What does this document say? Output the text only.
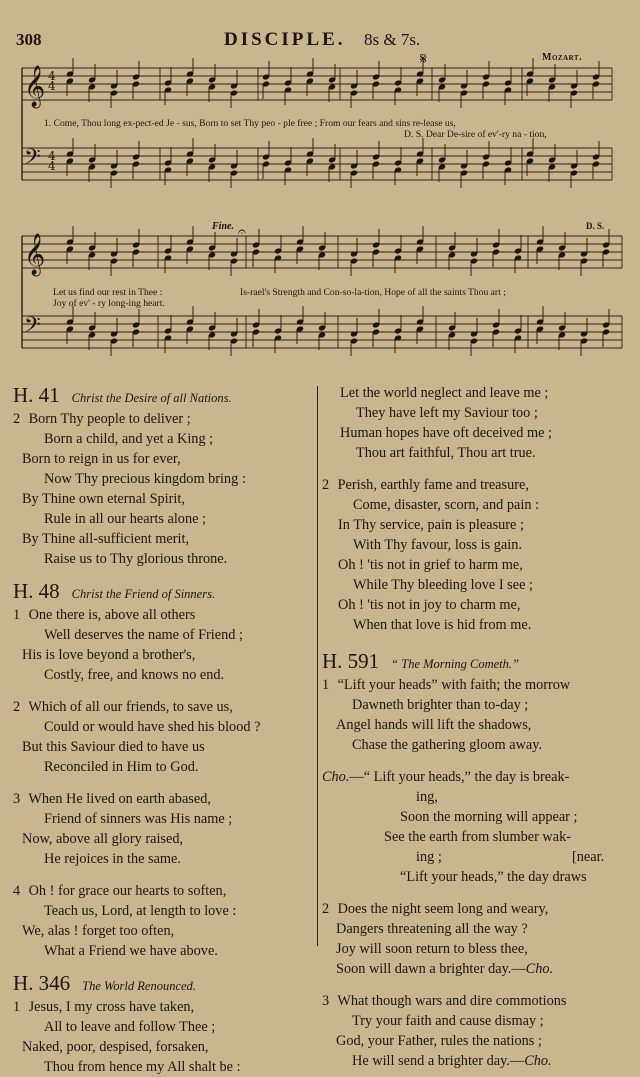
308	DISCIPLE. 8s & 7s.
Mozart.
𝄞
𝄢
𝄞
𝄢
4
4
4
4
𝄋
𝄐
Fine.	D. S.
1. Come, Thou long ex-pect-ed Je - sus, Born to set Thy peo - ple free ; From our fears and sins re-lease us,
D. S. Dear De-sire of ev'-ry na - tion,
Let us find our rest in Thee :
Joy of ev' - ry long-ing heart.
Is-rael's Strength and Con-so-la-tion, Hope of all the saints Thou art ;
H. 41 Christ the Desire of all Nations.
2 Born Thy people to deliver ;
Born a child, and yet a King ;
Born to reign in us for ever,
Now Thy precious kingdom bring :
By Thine own eternal Spirit,
Rule in all our hearts alone ;
By Thine all-sufficient merit,
Raise us to Thy glorious throne.
H. 48 Christ the Friend of Sinners.
1 One there is, above all others
Well deserves the name of Friend ;
His is love beyond a brother's,
Costly, free, and knows no end.
2 Which of all our friends, to save us,
Could or would have shed his blood ?
But this Saviour died to have us
Reconciled in Him to God.
3 When He lived on earth abased,
Friend of sinners was His name ;
Now, above all glory raised,
He rejoices in the same.
4 Oh ! for grace our hearts to soften,
Teach us, Lord, at length to love :
We, alas ! forget too often,
What a Friend we have above.
H. 346 The World Renounced.
1 Jesus, I my cross have taken,
All to leave and follow Thee ;
Naked, poor, despised, forsaken,
Thou from hence my All shalt be :
Let the world neglect and leave me ;
They have left my Saviour too ;
Human hopes have oft deceived me ;
Thou art faithful, Thou art true.
2 Perish, earthly fame and treasure,
Come, disaster, scorn, and pain :
In Thy service, pain is pleasure ;
With Thy favour, loss is gain.
Oh ! 'tis not in grief to harm me,
While Thy bleeding love I see ;
Oh ! 'tis not in joy to charm me,
When that love is hid from me.
H. 591 “ The Morning Cometh.”
1 “Lift your heads” with faith; the morrow
Dawneth brighter than to-day ;
Angel hands will lift the shadows,
Chase the gathering gloom away.
Cho.—“ Lift your heads,” the day is break-
ing,
Soon the morning will appear ;
See the earth from slumber wak-
ing ;	[near.
“Lift your heads,” the day draws
2 Does the night seem long and weary,
Dangers threatening all the way ?
Joy will soon return to bless thee,
Soon will dawn a brighter day.—Cho.
3 What though wars and dire commotions
Try your faith and cause dismay ;
God, your Father, rules the nations ;
He will send a brighter day.—Cho.
